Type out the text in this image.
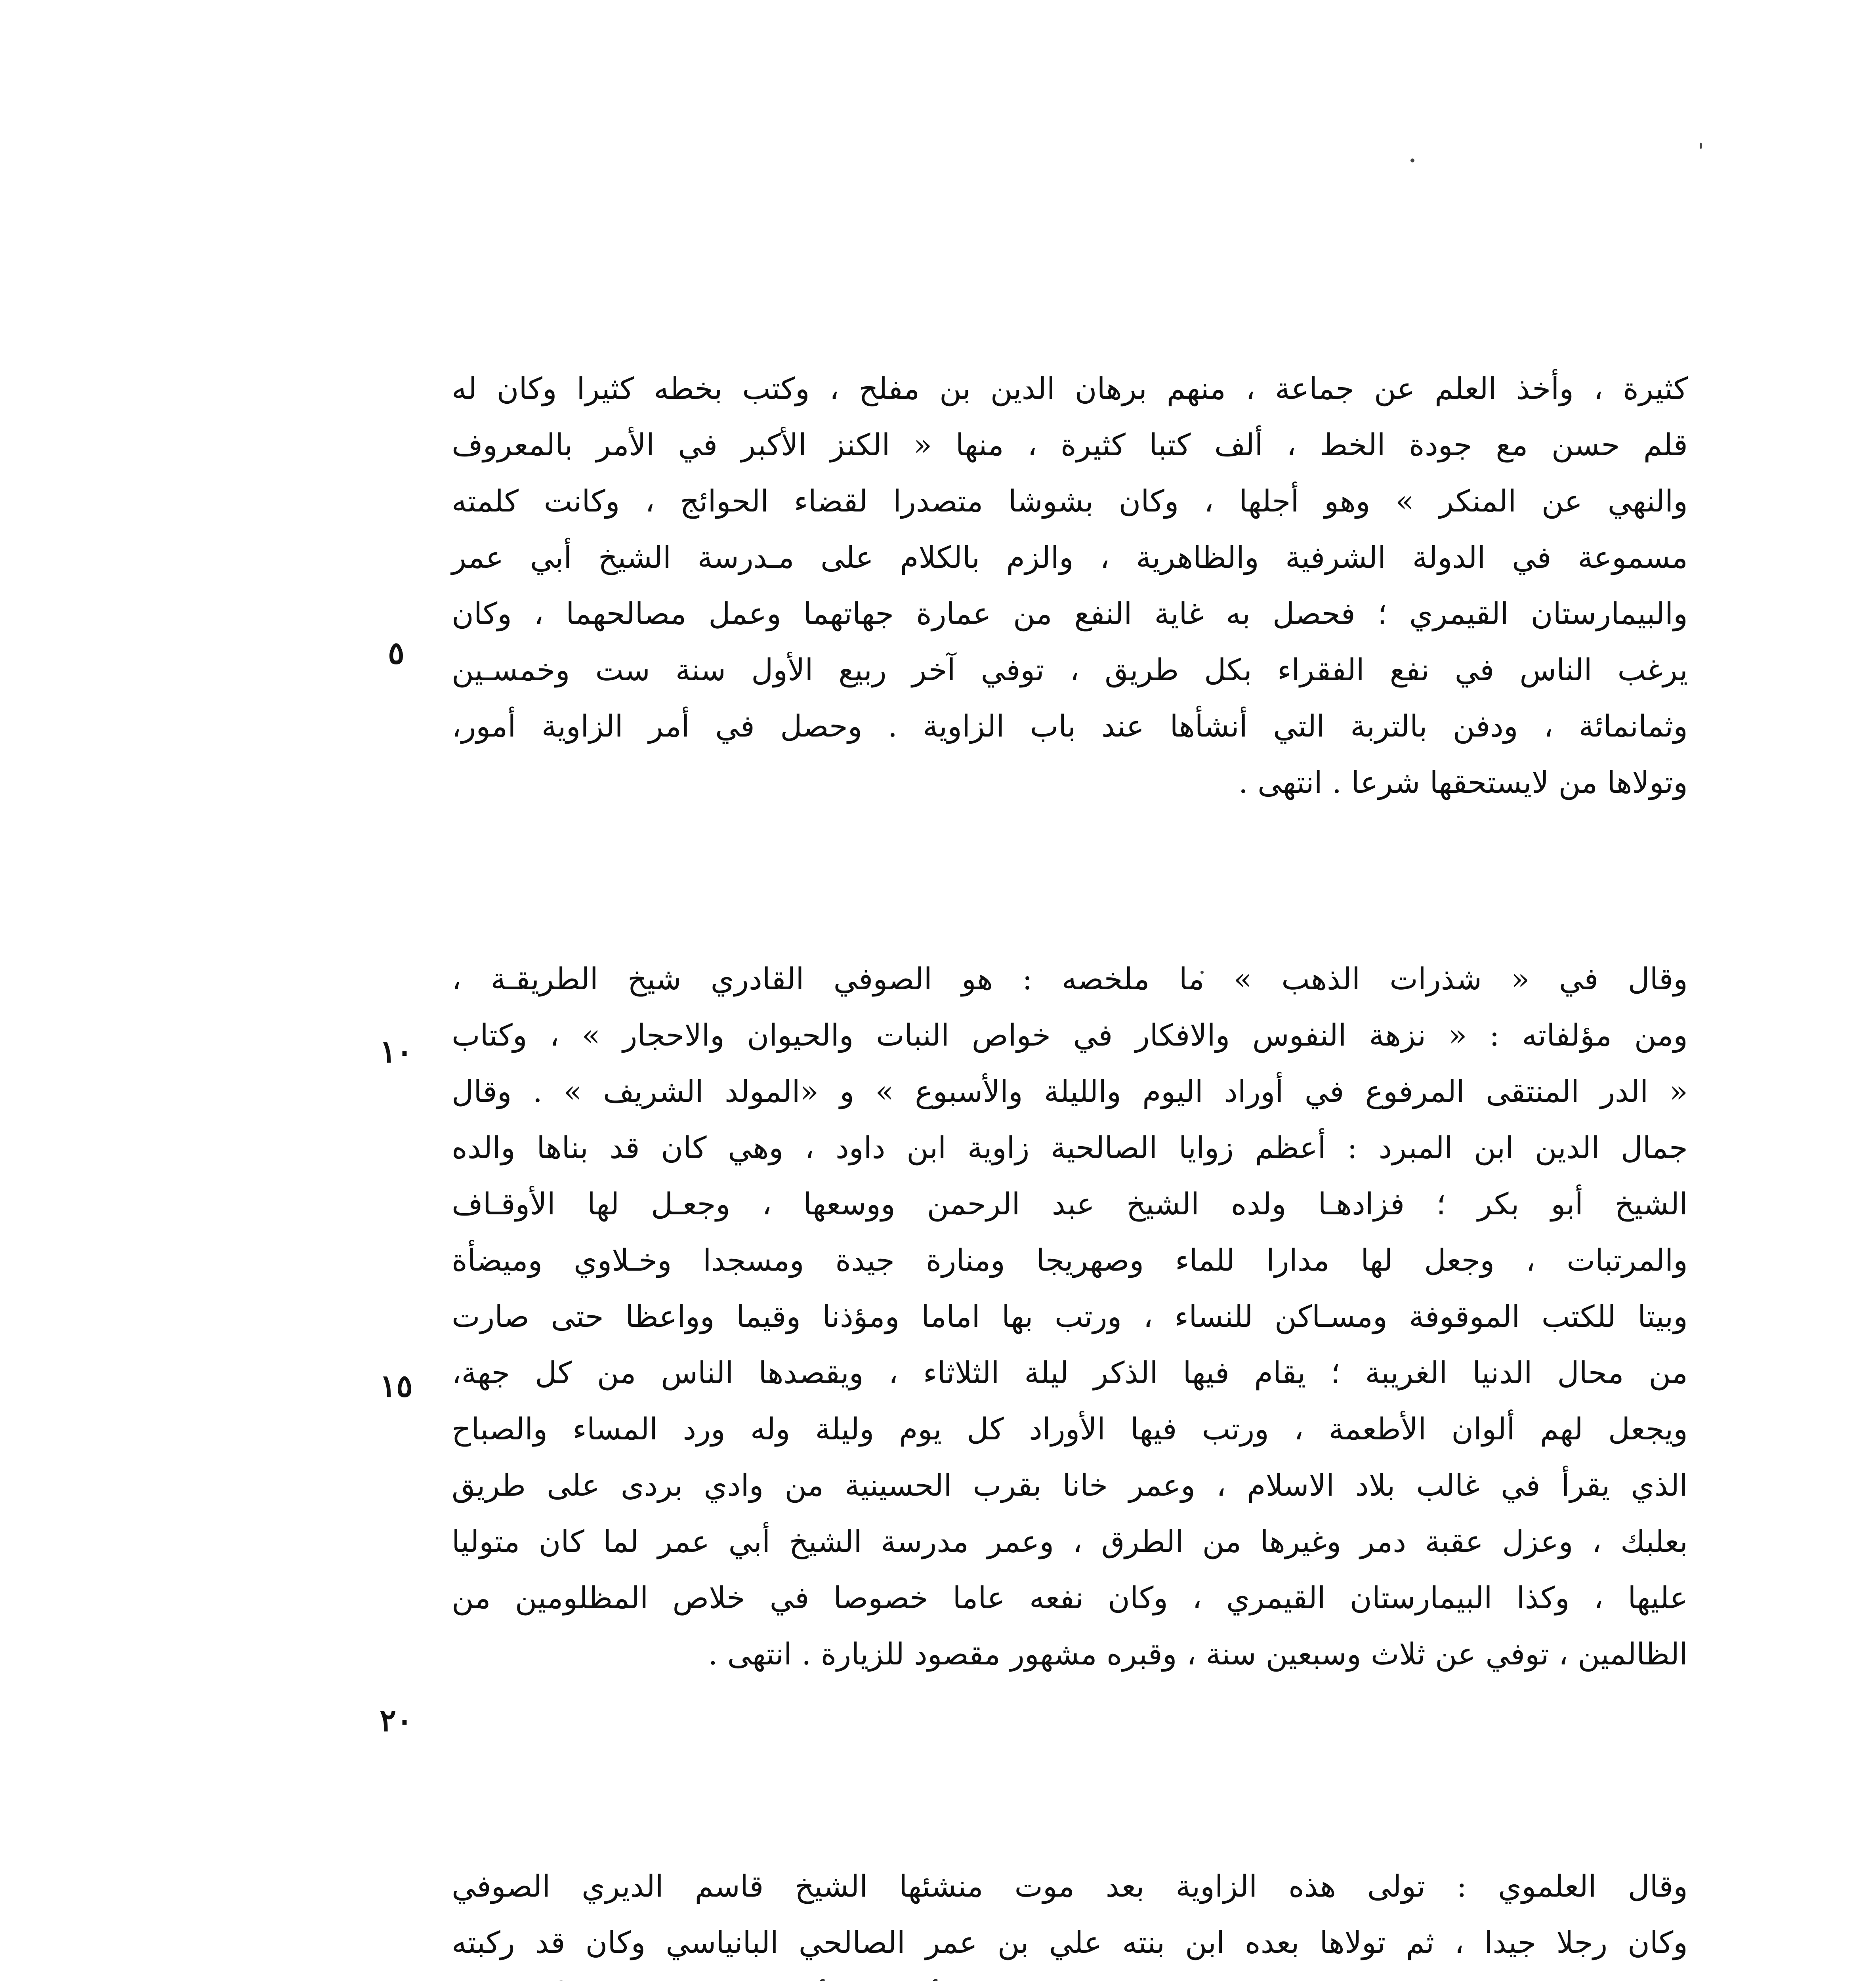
كثيرة ، وأخذ العلم عن جماعة ، منهم برهان الدين بن مفلح ، وكتب بخطه كثيرا وكان له
قلم حسن مع جودة الخط ، ألف كتبا كثيرة ، منها « الكنز الأكبر في الأمر بالمعروف
والنهي عن المنكر » وهو أجلها ، وكان بشوشا متصدرا لقضاء الحوائج ، وكانت كلمته
مسموعة في الدولة الشرفية والظاهرية ، والزم بالكلام على مـدرسة الشيخ أبي عمر
والبيمارستان القيمري ؛ فحصل به غاية النفع من عمارة جهاتهما وعمل مصالحهما ، وكان
يرغب الناس في نفع الفقراء بكل طريق ، توفي آخر ربيع الأول سنة ست وخمسـين
وثمانمائة ، ودفن بالتربة التي أنشأها عند باب الزاوية . وحصل في أمر الزاوية أمور،
وتولاها من لايستحقها شرعا . انتهى .
وقال في « شذرات الذهب » ما ملخصه : هو الصوفي القادري شيخ الطريقـة ،
ومن مؤلفاته : « نزهة النفوس والافكار في خواص النبات والحيوان والاحجار » ، وكتاب
« الدر المنتقى المرفوع في أوراد اليوم والليلة والأسبوع » و «المولد الشريف » . وقال
جمال الدين ابن المبرد : أعظم زوايا الصالحية زاوية ابن داود ، وهي كان قد بناها والده
الشيخ أبو بكر ؛ فزادهـا ولده الشيخ عبد الرحمن ووسعها ، وجعـل لها الأوقـاف
والمرتبات ، وجعل لها مدارا للماء وصهريجا ومنارة جيدة ومسجدا وخـلاوي وميضأة
وبيتا للكتب الموقوفة ومسـاكن للنساء ، ورتب بها اماما ومؤذنا وقيما وواعظا حتى صارت
من محال الدنيا الغريبة ؛ يقام فيها الذكر ليلة الثلاثاء ، ويقصدها الناس من كل جهة،
ويجعل لهم ألوان الأطعمة ، ورتب فيها الأوراد كل يوم وليلة وله ورد المساء والصباح
الذي يقرأ في غالب بلاد الاسلام ، وعمر خانا بقرب الحسينية من وادي بردى على طريق
بعلبك ، وعزل عقبة دمر وغيرها من الطرق ، وعمر مدرسة الشيخ أبي عمر لما كان متوليا
عليها ، وكذا البيمارستان القيمري ، وكان نفعه عاما خصوصا في خلاص المظلومين من
الظالمين ، توفي عن ثلاث وسبعين سنة ، وقبره مشهور مقصود للزيارة . انتهى .
وقال العلموي : تولى هذه الزاوية بعد موت منشئها الشيخ قاسم الديري الصوفي
وكان رجلا جيدا ، ثم تولاها بعده ابن بنته علي بن عمر الصالحي البانياسي وكان قد ركبته
٥
١٠
١٥
٢٠
